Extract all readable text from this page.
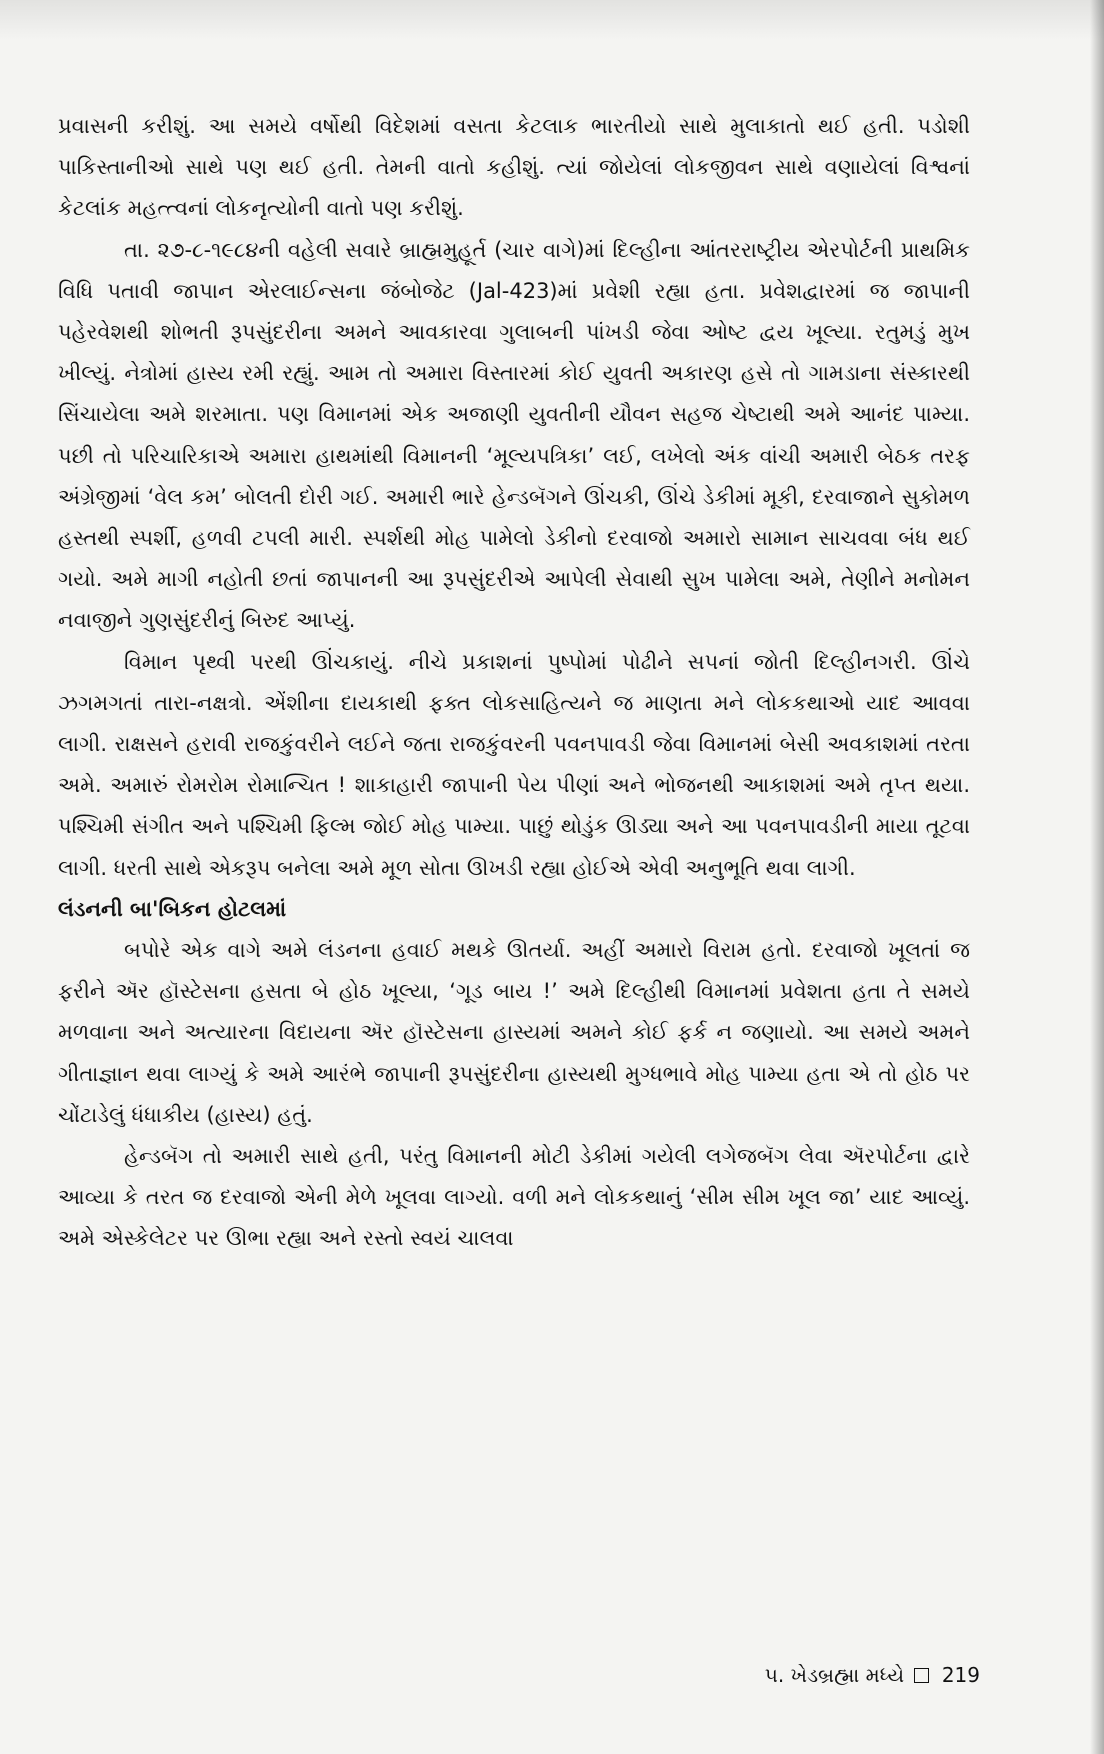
પ્રવાસની કરીશું. આ સમયે વર્ષોથી વિદેશમાં વસતા કેટલાક ભારતીયો સાથે મુલાકાતો થઈ હતી. પડોશી પાકિસ્તાનીઓ સાથે પણ થઈ હતી. તેમની વાતો કહીશું. ત્યાં જોયેલાં લોકજીવન સાથે વણાયેલાં વિશ્વનાં કેટલાંક મહત્ત્વનાં લોકનૃત્યોની વાતો પણ કરીશું.

તા. ૨૭-૮-૧૯૮૪ની વહેલી સવારે બ્રાહ્મમુહૂર્ત (ચાર વાગે)માં દિલ્હીના આંતરરાષ્ટ્રીય એરપોર્ટની પ્રાથમિક વિધિ પતાવી જાપાન એરલાઈન્સના જંબોજેટ (Jal-423)માં પ્રવેશી રહ્યા હતા. પ્રવેશદ્વારમાં જ જાપાની પહેરવેશથી શોભતી રૂપસુંદરીના અમને આવકારવા ગુલાબની પાંખડી જેવા ઓષ્ટ દ્વય ખૂલ્યા. રતુમડું મુખ ખીલ્યું. નેત્રોમાં હાસ્ય રમી રહ્યું. આમ તો અમારા વિસ્તારમાં કોઈ યુવતી અકારણ હસે તો ગામડાના સંસ્કારથી સિંચાયેલા અમે શરમાતા. પણ વિમાનમાં એક અજાણી યુવતીની યૌવન સહજ ચેષ્ટાથી અમે આનંદ પામ્યા. પછી તો પરિચારિકાએ અમારા હાથમાંથી વિમાનની ‘મૂલ્યપત્રિકા’ લઈ, લખેલો અંક વાંચી અમારી બેઠક તરફ અંગ્રેજીમાં ‘વેલ કમ’ બોલતી દોરી ગઈ. અમારી ભારે હેન્ડબૅગને ઊંચકી, ઊંચે ડેકીમાં મૂકી, દરવાજાને સુકોમળ હસ્તથી સ્પર્શી, હળવી ટપલી મારી. સ્પર્શથી મોહ પામેલો ડેકીનો દરવાજો અમારો સામાન સાચવવા બંધ થઈ ગયો. અમે માગી નહોતી છતાં જાપાનની આ રૂપસુંદરીએ આપેલી સેવાથી સુખ પામેલા અમે, તેણીને મનોમન નવાજીને ગુણસુંદરીનું બિરુદ આપ્યું.

વિમાન પૃથ્વી પરથી ઊંચકાયું. નીચે પ્રકાશનાં પુષ્પોમાં પોઢીને સપનાં જોતી દિલ્હીનગરી. ઊંચે ઝગમગતાં તારા-નક્ષત્રો. એંશીના દાયકાથી ફક્ત લોકસાહિત્યને જ માણતા મને લોકકથાઓ યાદ આવવા લાગી. રાક્ષસને હરાવી રાજકુંવરીને લઈને જતા રાજકુંવરની પવનપાવડી જેવા વિમાનમાં બેસી અવકાશમાં તરતા અમે. અમારું રોમરોમ રોમાન્ચિત ! શાકાહારી જાપાની પેય પીણાં અને ભોજનથી આકાશમાં અમે તૃપ્ત થયા. પશ્ચિમી સંગીત અને પશ્ચિમી ફિલ્મ જોઈ મોહ પામ્યા. પાછું થોડુંક ઊડ્યા અને આ પવનપાવડીની માયા તૂટવા લાગી. ધરતી સાથે એકરૂપ બનેલા અમે મૂળ સોતા ઊખડી રહ્યા હોઈએ એવી અનુભૂતિ થવા લાગી.

લંડનની બા'બિકન હોટલમાં

બપોરે એક વાગે અમે લંડનના હવાઈ મથકે ઊતર્યા. અહીં અમારો વિરામ હતો. દરવાજો ખૂલતાં જ ફરીને ઍર હૉસ્ટેસના હસતા બે હોઠ ખૂલ્યા, ‘ગૂડ બાય !’ અમે દિલ્હીથી વિમાનમાં પ્રવેશતા હતા તે સમયે મળવાના અને અત્યારના વિદાયના ઍર હૉસ્ટેસના હાસ્યમાં અમને કોઈ ફર્ક ન જણાયો. આ સમયે અમને ગીતાજ્ઞાન થવા લાગ્યું કે અમે આરંભે જાપાની રૂપસુંદરીના હાસ્યથી મુગ્ધભાવે મોહ પામ્યા હતા એ તો હોઠ પર ચોંટાડેલું ધંધાકીય (હાસ્ય) હતું.

હેન્ડબૅગ તો અમારી સાથે હતી, પરંતુ વિમાનની મોટી ડેકીમાં ગયેલી લગેજબૅગ લેવા ઍરપોર્ટના દ્વારે આવ્યા કે તરત જ દરવાજો એની મેળે ખૂલવા લાગ્યો. વળી મને લોકકથાનું ‘સીમ સીમ ખૂલ જા’ યાદ આવ્યું. અમે એસ્કેલેટર પર ઊભા રહ્યા અને રસ્તો સ્વયં ચાલવા

૫. ખેડબ્રહ્મા મધ્યે 219
